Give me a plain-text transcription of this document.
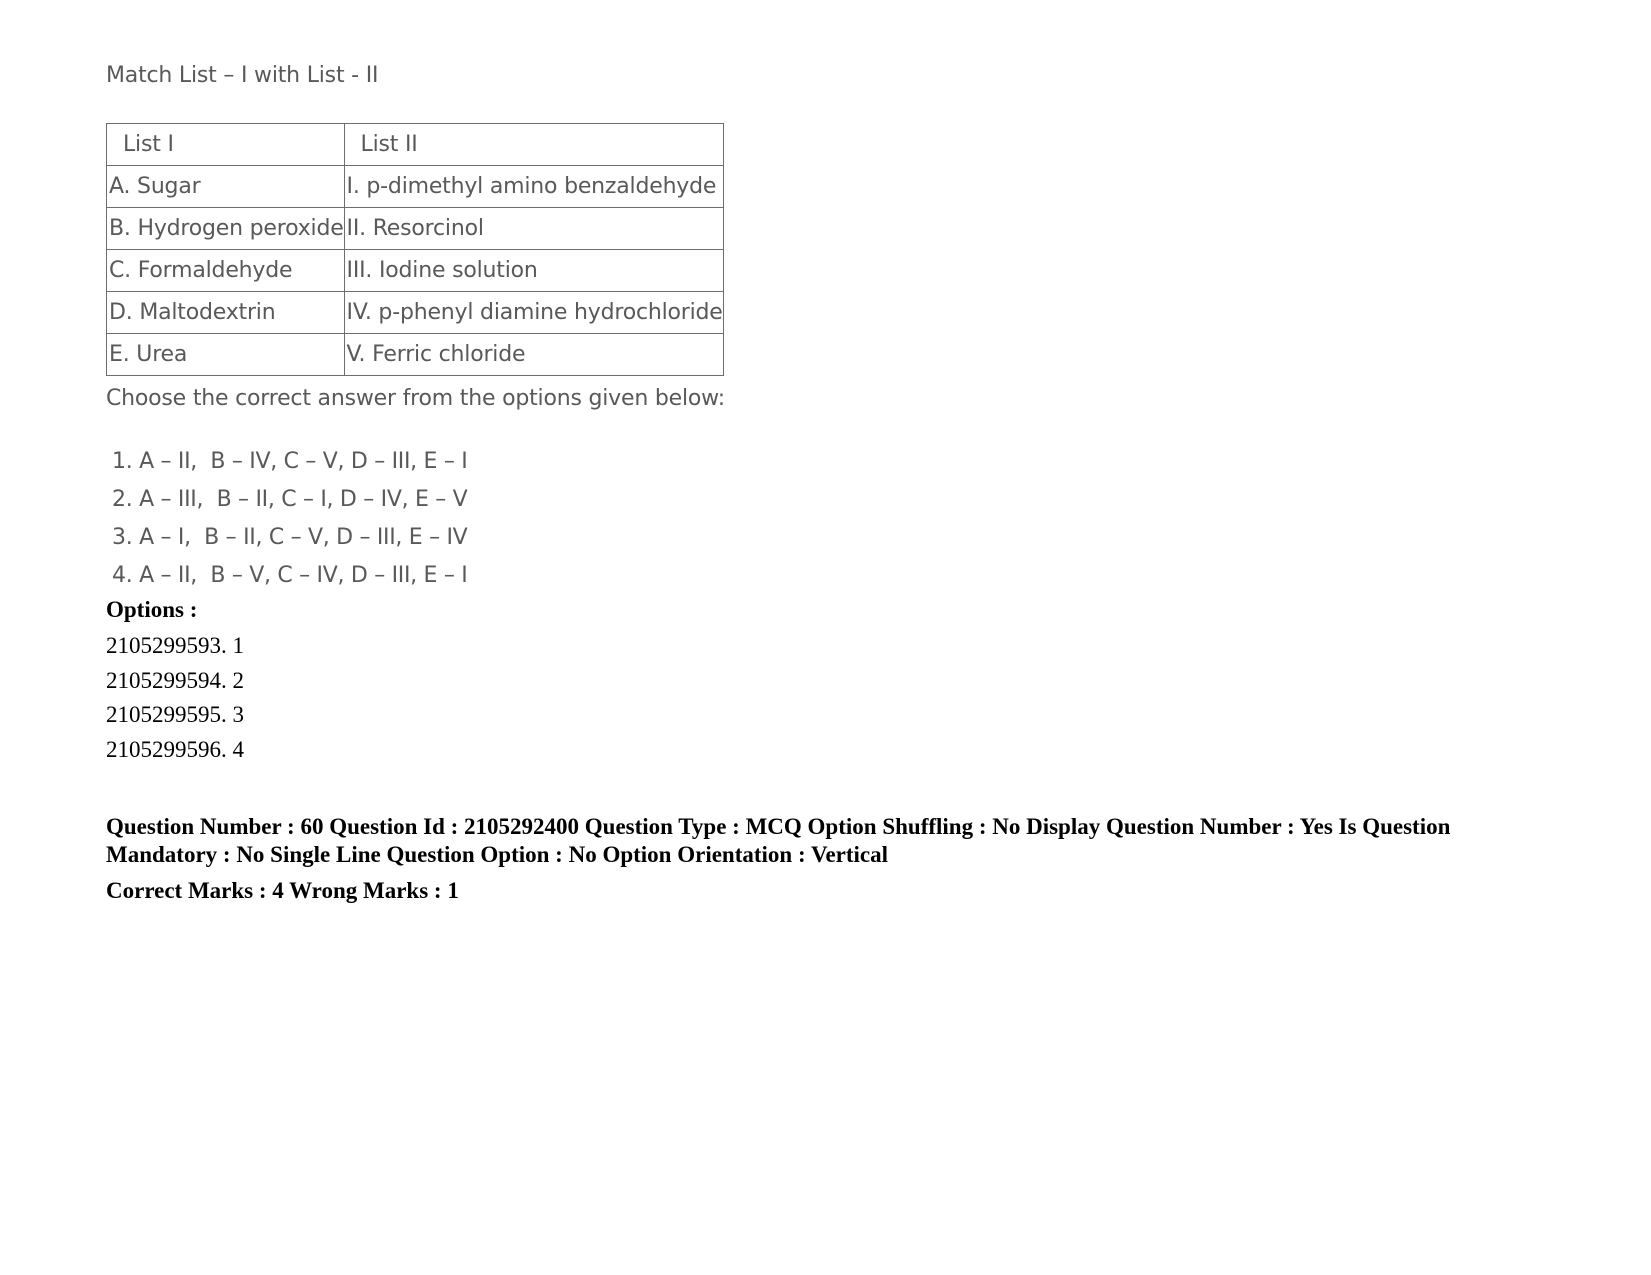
Match List – I with List - II

List I	List II
A. Sugar	I. p-dimethyl amino benzaldehyde
B. Hydrogen peroxide	II. Resorcinol
C. Formaldehyde	III. Iodine solution
D. Maltodextrin	IV. p-phenyl diamine hydrochloride
E. Urea	V. Ferric chloride
Choose the correct answer from the options given below:
1. A – II,  B – IV, C – V, D – III, E – I
2. A – III,  B – II, C – I, D – IV, E – V
3. A – I,  B – II, C – V, D – III, E – IV
4. A – II,  B – V, C – IV, D – III, E – I
Options :
2105299593. 1
2105299594. 2
2105299595. 3
2105299596. 4
Question Number : 60 Question Id : 2105292400 Question Type : MCQ Option Shuffling : No Display Question Number : Yes Is Question Mandatory : No Single Line Question Option : No Option Orientation : Vertical
Correct Marks : 4 Wrong Marks : 1
